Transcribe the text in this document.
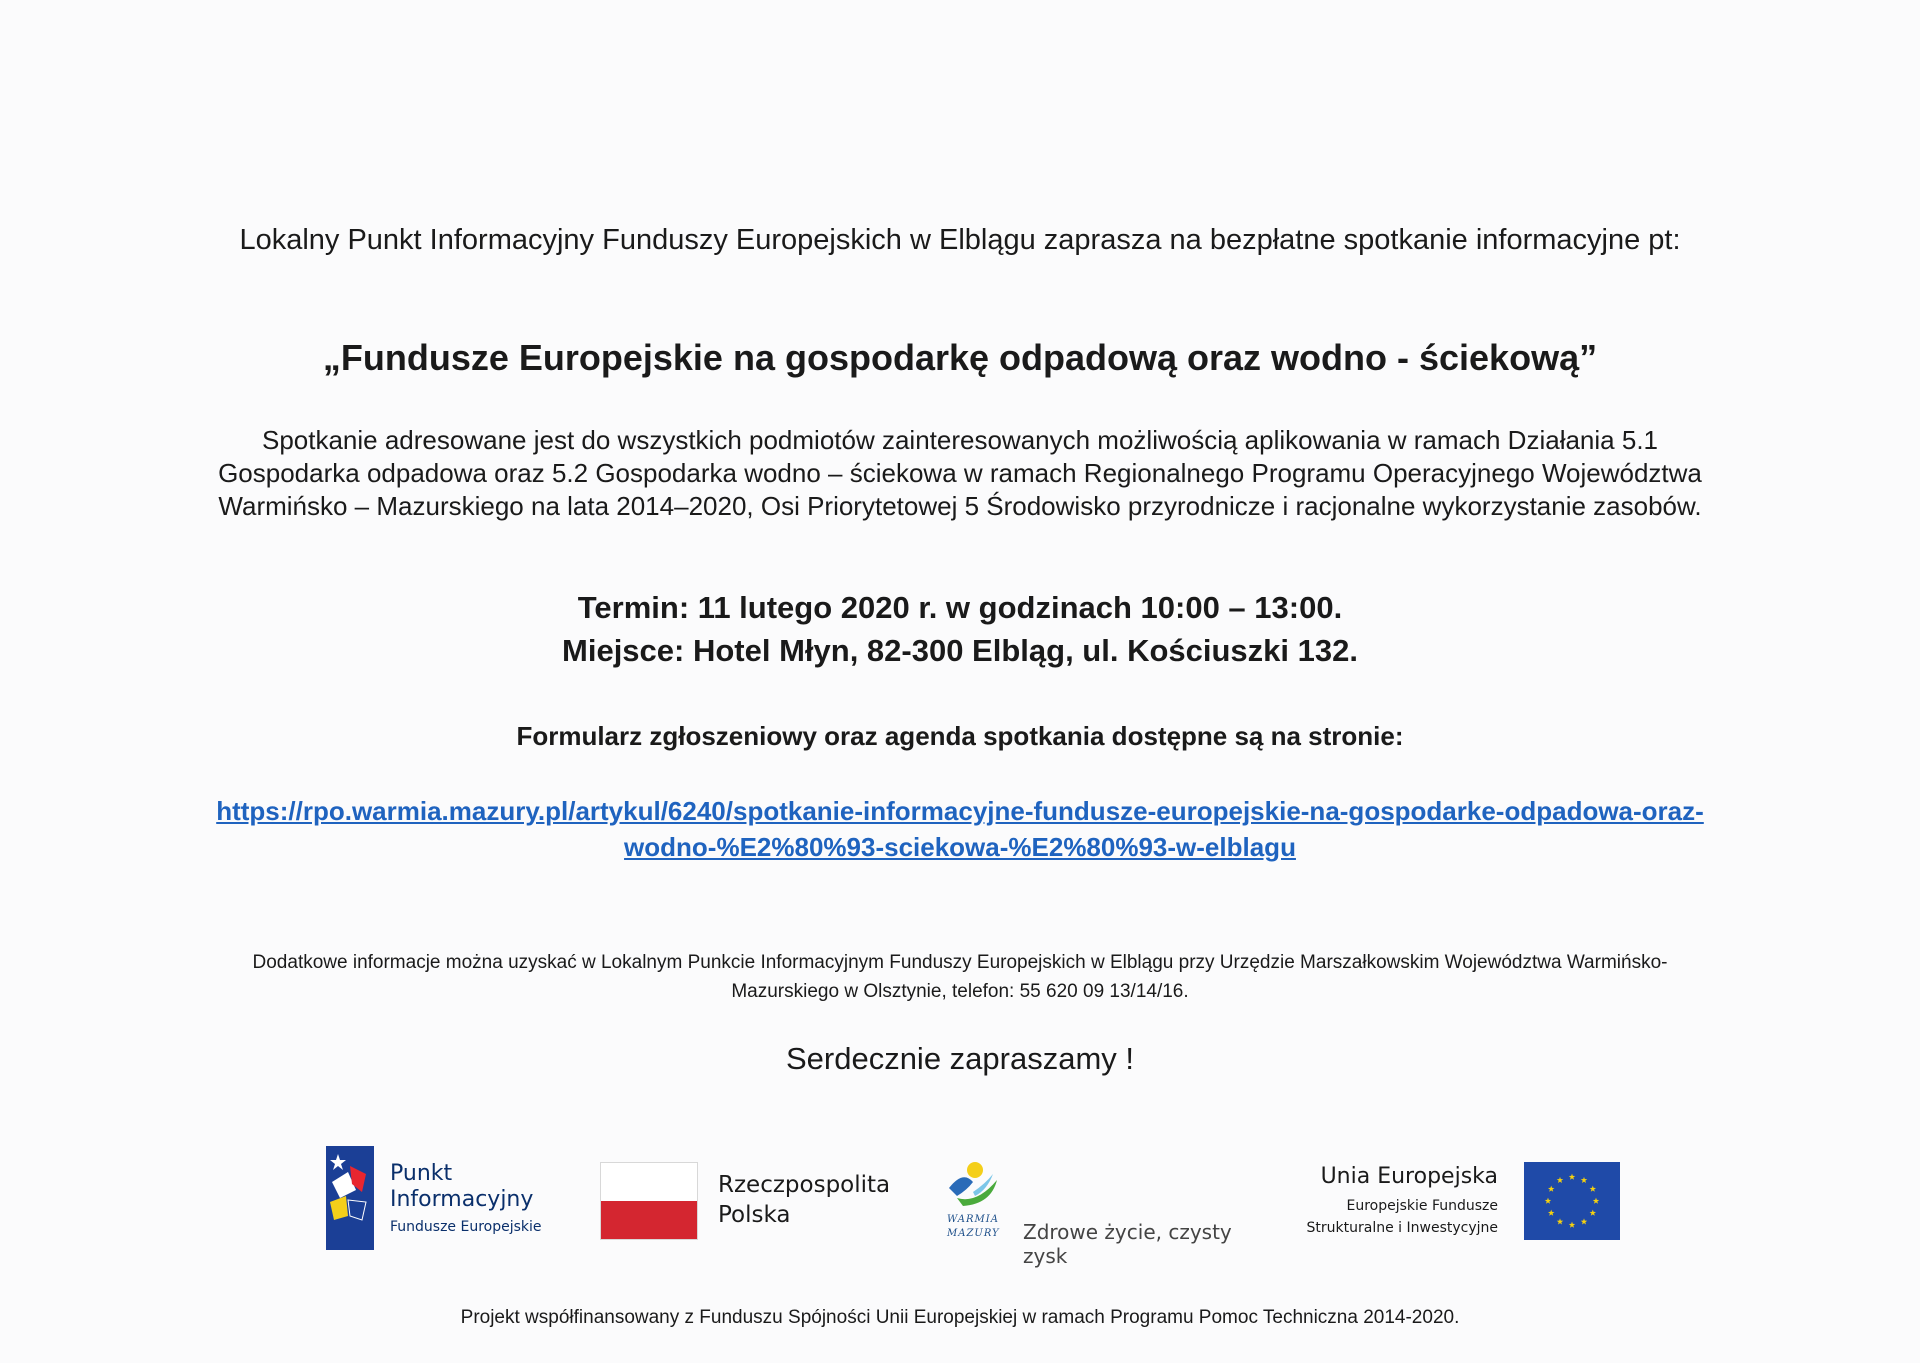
Lokalny Punkt Informacyjny Funduszy Europejskich w Elblągu zaprasza na bezpłatne spotkanie informacyjne pt:
„Fundusze Europejskie na gospodarkę odpadową oraz wodno - ściekową”
Spotkanie adresowane jest do wszystkich podmiotów zainteresowanych możliwością aplikowania w ramach Działania 5.1
Gospodarka odpadowa oraz 5.2 Gospodarka wodno – ściekowa w ramach Regionalnego Programu Operacyjnego Województwa
Warmińsko – Mazurskiego na lata 2014–2020, Osi Priorytetowej 5 Środowisko przyrodnicze i racjonalne wykorzystanie zasobów.
Termin: 11 lutego 2020 r. w godzinach 10:00 – 13:00.
Miejsce: Hotel Młyn, 82-300 Elbląg, ul. Kościuszki 132.
Formularz zgłoszeniowy oraz agenda spotkania dostępne są na stronie:
https://rpo.warmia.mazury.pl/artykul/6240/spotkanie-informacyjne-fundusze-europejskie-na-gospodarke-odpadowa-oraz-
wodno-%E2%80%93-sciekowa-%E2%80%93-w-elblagu
Dodatkowe informacje można uzyskać w Lokalnym Punkcie Informacyjnym Funduszy Europejskich w Elblągu przy Urzędzie Marszałkowskim Województwa Warmińsko-
Mazurskiego w Olsztynie, telefon: 55 620 09 13/14/16.
Serdecznie zapraszamy !
Punkt
Informacyjny
Fundusze Europejskie
Rzeczpospolita
Polska	WARMIA
MAZURY Zdrowe życie, czysty zysk
Unia Europejska
Europejskie Fundusze
Strukturalne i Inwestycyjne
Projekt współfinansowany z Funduszu Spójności Unii Europejskiej w ramach Programu Pomoc Techniczna 2014-2020.
